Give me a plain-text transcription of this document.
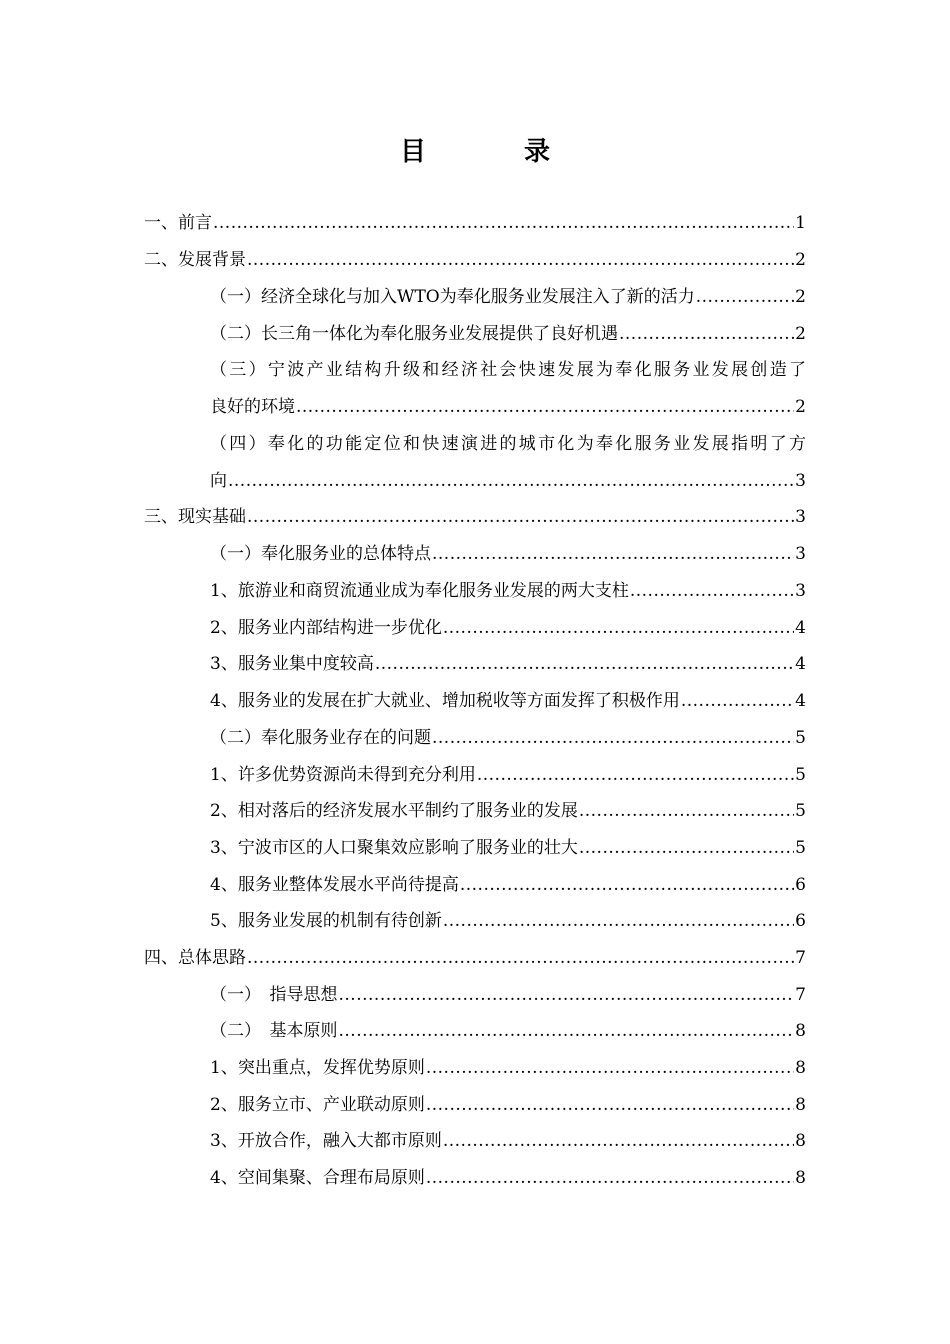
目　录
一、前言 .....	1
二、发展背景 .....	2
（一）经济全球化与加入WTO为奉化服务业发展注入了新的活力 .....	2
（二）长三角一体化为奉化服务业发展提供了良好机遇 .....	2
（三）宁波产业结构升级和经济社会快速发展为奉化服务业发展创造了
良好的环境 .....	2
（四）奉化的功能定位和快速演进的城市化为奉化服务业发展指明了方
向 .....	3
三、现实基础 .....	3
（一）奉化服务业的总体特点 .....	3
1、旅游业和商贸流通业成为奉化服务业发展的两大支柱 .....	3
2、服务业内部结构进一步优化 .....	4
3、服务业集中度较高 .....	4
4、服务业的发展在扩大就业、增加税收等方面发挥了积极作用 .....	4
（二）奉化服务业存在的问题 .....	5
1、许多优势资源尚未得到充分利用 .....	5
2、相对落后的经济发展水平制约了服务业的发展 .....	5
3、宁波市区的人口聚集效应影响了服务业的壮大 .....	5
4、服务业整体发展水平尚待提高 .....	6
5、服务业发展的机制有待创新 .....	6
四、总体思路 .....	7
（一）　指导思想 .....	7
（二）　基本原则 .....	8
1、突出重点，发挥优势原则 .....	8
2、服务立市、产业联动原则 .....	8
3、开放合作，融入大都市原则 .....	8
4、空间集聚、合理布局原则 .....	8
